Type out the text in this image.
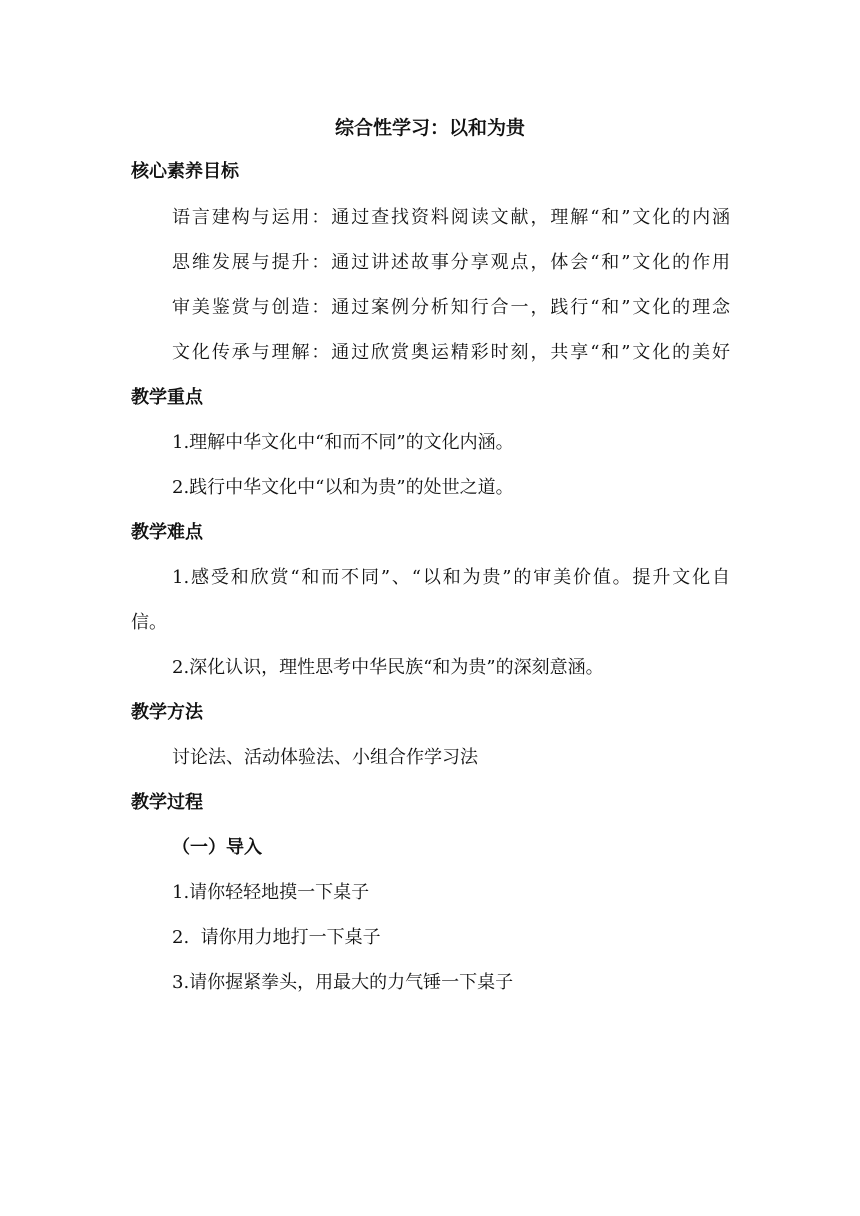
综合性学习：以和为贵
核心素养目标
语言建构与运用：通过查找资料阅读文献，理解“和”文化的内涵
思维发展与提升：通过讲述故事分享观点，体会“和”文化的作用
审美鉴赏与创造：通过案例分析知行合一，践行“和”文化的理念
文化传承与理解：通过欣赏奥运精彩时刻，共享“和”文化的美好
教学重点
1.理解中华文化中“和而不同”的文化内涵。
2.践行中华文化中“以和为贵”的处世之道。
教学难点
1.感受和欣赏“和而不同”、“以和为贵”的审美价值。提升文化自
信。
2.深化认识，理性思考中华民族“和为贵”的深刻意涵。
教学方法
讨论法、活动体验法、小组合作学习法
教学过程
（一）导入
1.请你轻轻地摸一下桌子
2.  请你用力地打一下桌子
3.请你握紧拳头，用最大的力气锤一下桌子
